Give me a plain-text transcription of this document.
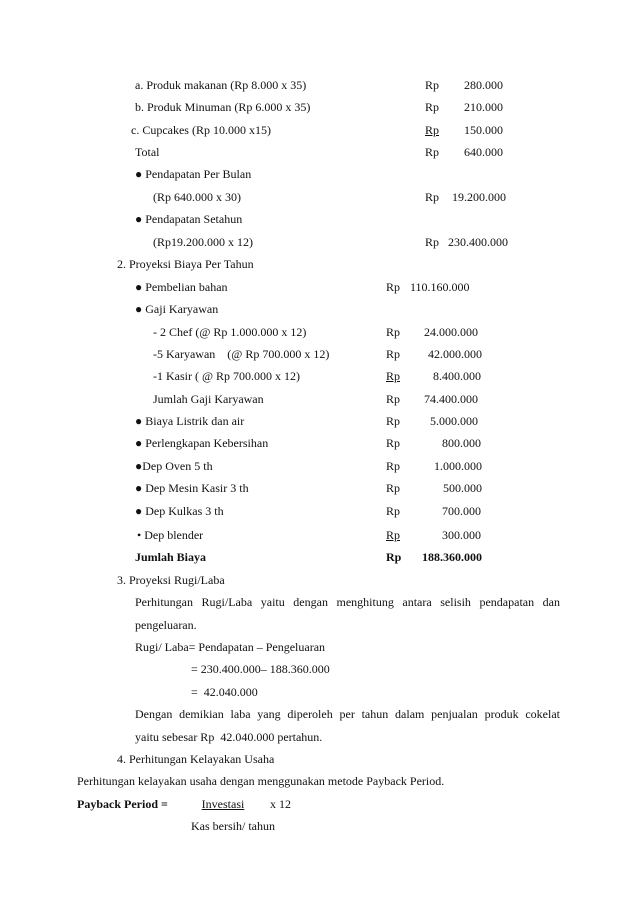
a. Produk makanan (Rp 8.000 x 35)	Rp 280.000
b. Produk Minuman (Rp 6.000 x 35)	Rp 210.000
c. Cupcakes (Rp 10.000 x15)	Rp 150.000
Total	Rp 640.000
● Pendapatan Per Bulan
(Rp 640.000 x 30)	Rp 19.200.000
● Pendapatan Setahun
(Rp19.200.000 x 12)	Rp 230.400.000
2. Proyeksi Biaya Per Tahun
● Pembelian bahan	Rp 110.160.000
● Gaji Karyawan
- 2 Chef (@ Rp 1.000.000 x 12)	Rp 24.000.000
-5 Karyawan    (@ Rp 700.000 x 12)	Rp 42.000.000
-1 Kasir ( @ Rp 700.000 x 12)	Rp	8.400.000
Jumlah Gaji Karyawan	Rp 74.400.000
● Biaya Listrik dan air	Rp 5.000.000
● Perlengkapan Kebersihan	Rp	800.000
●Dep Oven 5 th	Rp	1.000.000
● Dep Mesin Kasir 3 th	Rp	500.000
● Dep Kulkas 3 th	Rp	700.000
• Dep blender	Rp	300.000
Jumlah Biaya	Rp 188.360.000
3. Proyeksi Rugi/Laba
Perhitungan Rugi/Laba yaitu dengan menghitung antara selisih pendapatan dan
pengeluaran.
Rugi/ Laba= Pendapatan – Pengeluaran
= 230.400.000– 188.360.000
=  42.040.000
Dengan demikian laba yang diperoleh per tahun dalam penjualan produk cokelat
yaitu sebesar Rp  42.040.000 pertahun.
4. Perhitungan Kelayakan Usaha
Perhitungan kelayakan usaha dengan menggunakan metode Payback Period.
Payback Period =	Investasi	x 12
Kas bersih/ tahun
